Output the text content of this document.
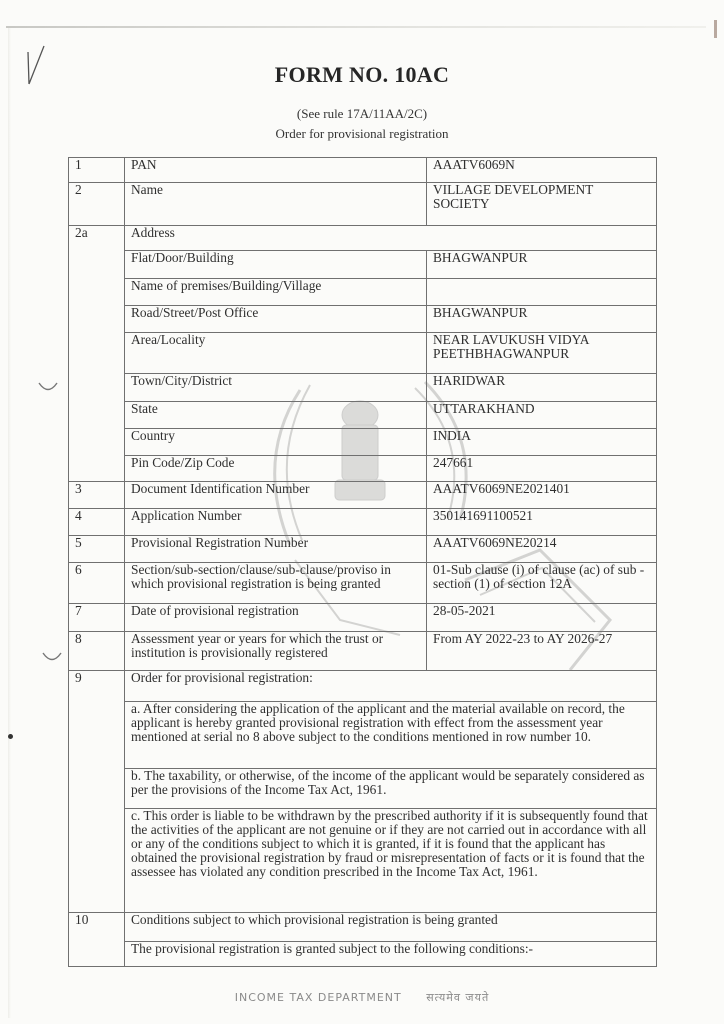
FORM NO. 10AC
(See rule 17A/11AA/2C)
Order for provisional registration
1	PAN	AAATV6069N
2	Name	VILLAGE DEVELOPMENT SOCIETY
2a	Address	
	Flat/Door/Building	BHAGWANPUR
	Name of premises/Building/Village	
	Road/Street/Post Office	BHAGWANPUR
	Area/Locality	NEAR LAVUKUSH VIDYA PEETHBHAGWANPUR
	Town/City/District	HARIDWAR
	State	UTTARAKHAND
	Country	INDIA
	Pin Code/Zip Code	247661
3	Document Identification Number	AAATV6069NE2021401
4	Application Number	350141691100521
5	Provisional Registration Number	AAATV6069NE20214
6	Section/sub-section/clause/sub-clause/proviso in which provisional registration is being granted	01-Sub clause (i) of clause (ac) of sub -section (1) of section 12A
7	Date of provisional registration	28-05-2021
8	Assessment year or years for which the trust or institution is provisionally registered	From AY 2022-23 to AY 2026-27
9	Order for provisional registration:	
	a. After considering the application of the applicant and the material available on record, the applicant is hereby granted provisional registration with effect from the assessment year mentioned at serial no 8 above subject to the conditions mentioned in row number 10.	
	b. The taxability, or otherwise, of the income of the applicant would be separately considered as per the provisions of the Income Tax Act, 1961.	
	c. This order is liable to be withdrawn by the prescribed authority if it is subsequently found that the activities of the applicant are not genuine or if they are not carried out in accordance with all or any of the conditions subject to which it is granted, if it is found that the applicant has obtained the provisional registration by fraud or misrepresentation of facts or it is found that the assessee has violated any condition prescribed in the Income Tax Act, 1961.	
10	Conditions subject to which provisional registration is being granted	
	The provisional registration is granted subject to the following conditions:-	
INCOME TAX DEPARTMENT सत्यमेव जयते
